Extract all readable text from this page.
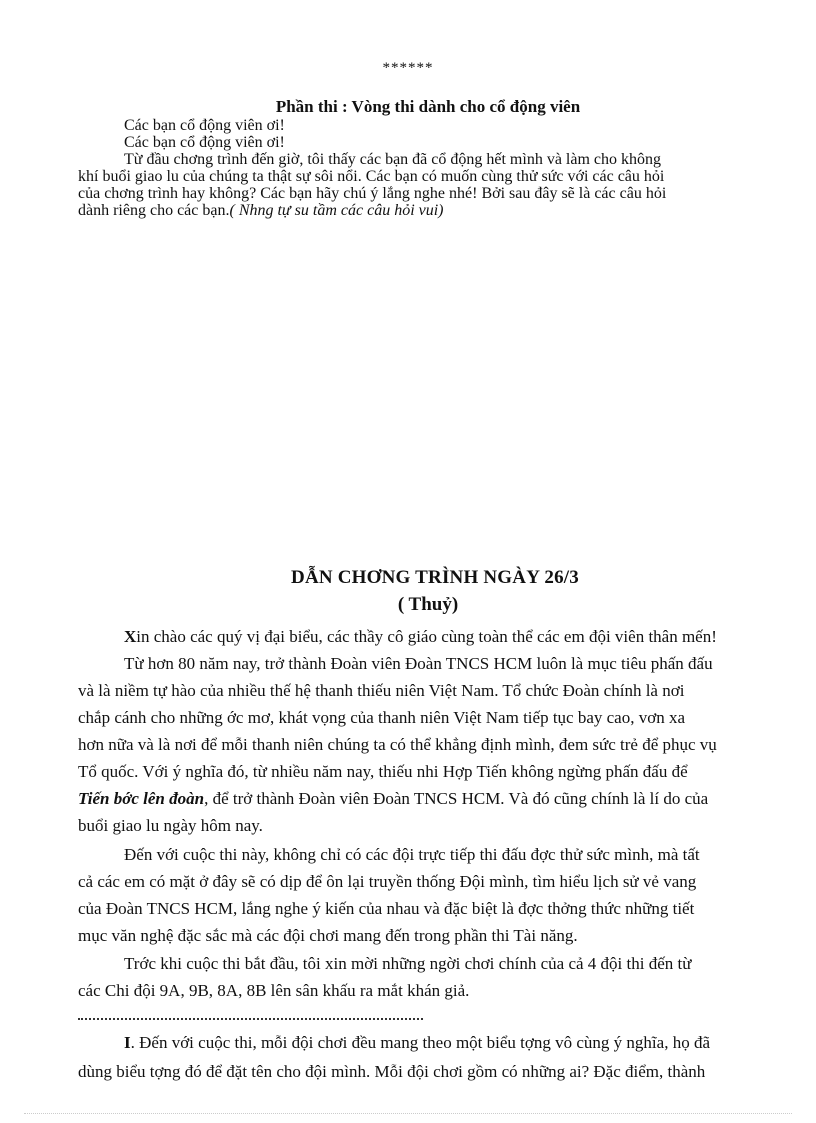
******
Phần thi : Vòng thi dành cho cổ động viên
Các bạn cổ động viên ơi!
Các bạn cổ động viên ơi!
Từ đầu chơng trình đến giờ, tôi thấy các bạn đã cổ động hết mình và làm cho không
khí buổi giao lu của chúng ta thật sự sôi nổi. Các bạn có muốn cùng thử sức với các câu hỏi
của chơng trình hay không? Các bạn hãy chú ý lắng nghe nhé! Bởi sau đây sẽ là các câu hỏi
dành riêng cho các bạn.( Nhng tự su tầm các câu hỏi vui)
DẪN CHƠNG TRÌNH NGÀY 26/3
( Thuỷ)
Xin chào các quý vị đại biểu, các thầy cô giáo cùng toàn thể các em đội viên thân mến!
Từ hơn 80 năm nay, trở thành Đoàn viên Đoàn TNCS HCM luôn là mục tiêu phấn đấu
và là niềm tự hào của nhiều thế hệ thanh thiếu niên Việt Nam. Tổ chức Đoàn chính là nơi
chắp cánh cho những ớc mơ, khát vọng của thanh niên Việt Nam tiếp tục bay cao, vơn xa
hơn nữa và là nơi để mỗi thanh niên chúng ta có thể khẳng định mình, đem sức trẻ để phục vụ
Tổ quốc. Với ý nghĩa đó, từ nhiều năm nay, thiếu nhi Hợp Tiến không ngừng phấn đấu để
Tiến bớc lên đoàn, để trở thành Đoàn viên Đoàn TNCS HCM. Và đó cũng chính là lí do của
buổi giao lu ngày hôm nay.
Đến với cuộc thi này, không chỉ có các đội trực tiếp thi đấu đợc thử sức mình, mà tất
cả các em có mặt ở đây sẽ có dịp để ôn lại truyền thống Đội mình, tìm hiểu lịch sử vẻ vang
của Đoàn TNCS HCM, lắng nghe ý kiến của nhau và đặc biệt là đợc thởng thức những tiết
mục văn nghệ đặc sắc mà các đội chơi mang đến trong phần thi Tài năng.
Trớc khi cuộc thi bắt đầu, tôi xin mời những ngời chơi chính của cả 4 đội thi đến từ
các Chi đội 9A, 9B, 8A, 8B lên sân khấu ra mắt khán giả.
I. Đến với cuộc thi, mỗi đội chơi đều mang theo một biểu tợng vô cùng ý nghĩa, họ đã
dùng biểu tợng đó để đặt tên cho đội mình. Mỗi đội chơi gồm có những ai? Đặc điểm, thành
